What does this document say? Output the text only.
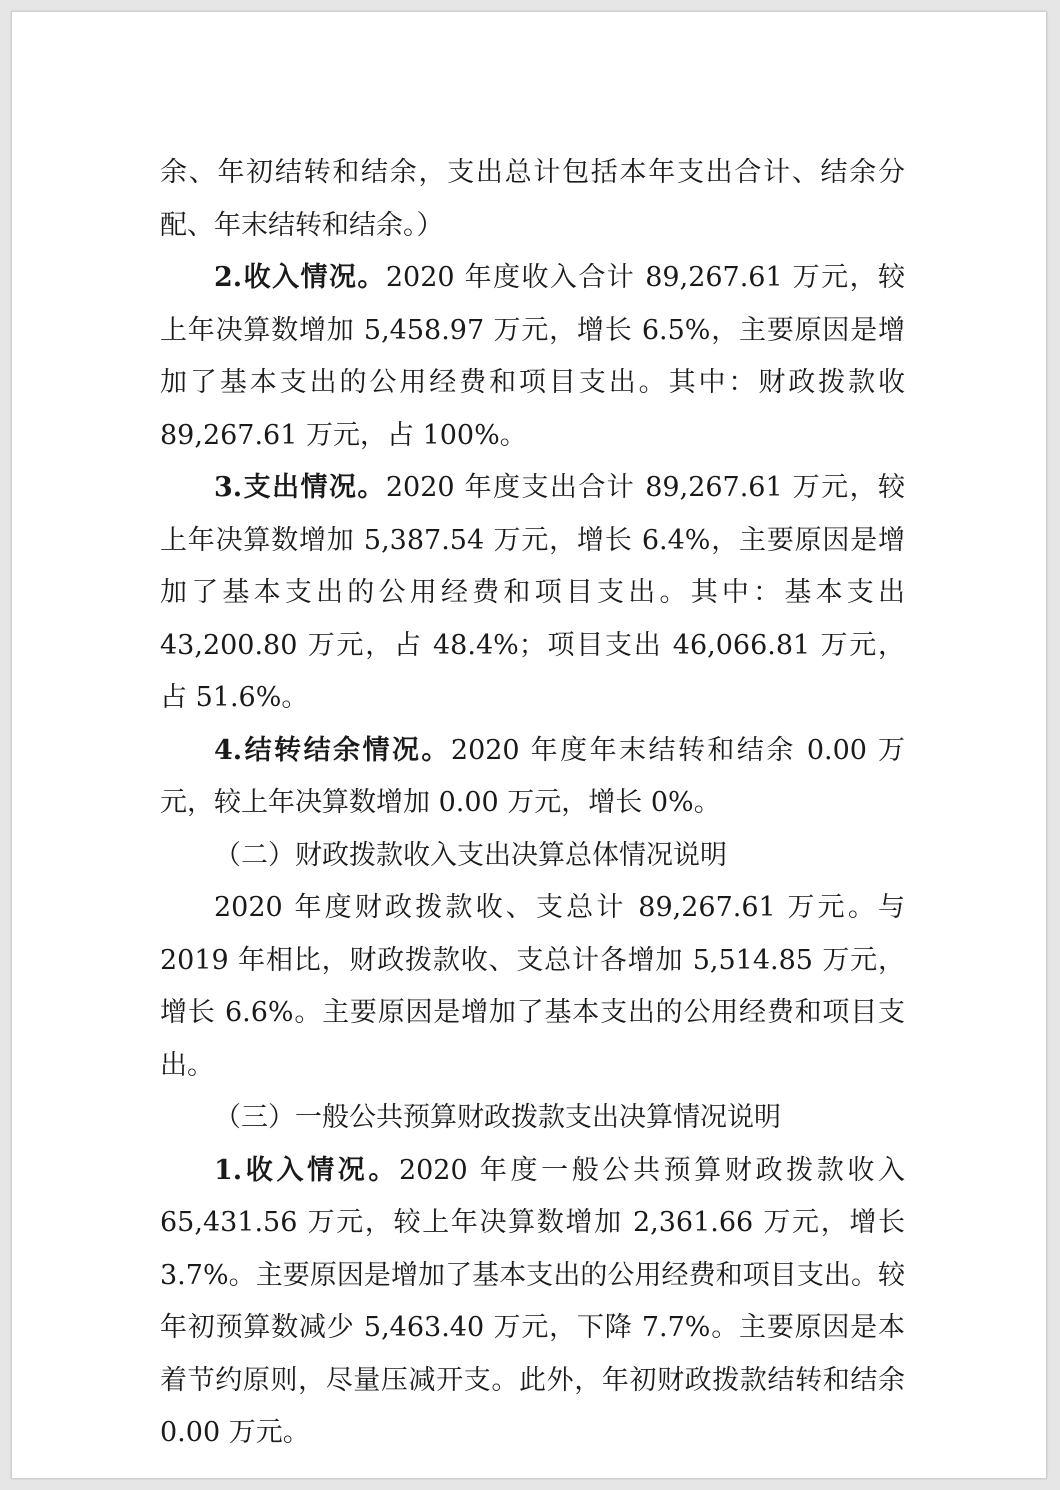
余、年初结转和结余，支出总计包括本年支出合计、结余分配、年末结转和结余。）

2.收入情况。2020 年度收入合计 89,267.61 万元，较上年决算数增加 5,458.97 万元，增长 6.5%，主要原因是增加了基本支出的公用经费和项目支出。其中：财政拨款收 89,267.61 万元，占 100%。

3.支出情况。2020 年度支出合计 89,267.61 万元，较上年决算数增加 5,387.54 万元，增长 6.4%，主要原因是增加了基本支出的公用经费和项目支出。其中：基本支出 43,200.80 万元，占 48.4%；项目支出 46,066.81 万元，占 51.6%。

4.结转结余情况。2020 年度年末结转和结余 0.00 万元，较上年决算数增加 0.00 万元，增长 0%。

（二）财政拨款收入支出决算总体情况说明

2020 年度财政拨款收、支总计 89,267.61 万元。与 2019 年相比，财政拨款收、支总计各增加 5,514.85 万元，增长 6.6%。主要原因是增加了基本支出的公用经费和项目支出。

（三）一般公共预算财政拨款支出决算情况说明

1.收入情况。2020 年度一般公共预算财政拨款收入 65,431.56 万元，较上年决算数增加 2,361.66 万元，增长 3.7%。主要原因是增加了基本支出的公用经费和项目支出。较年初预算数减少 5,463.40 万元，下降 7.7%。主要原因是本着节约原则，尽量压减开支。此外，年初财政拨款结转和结余 0.00 万元。
